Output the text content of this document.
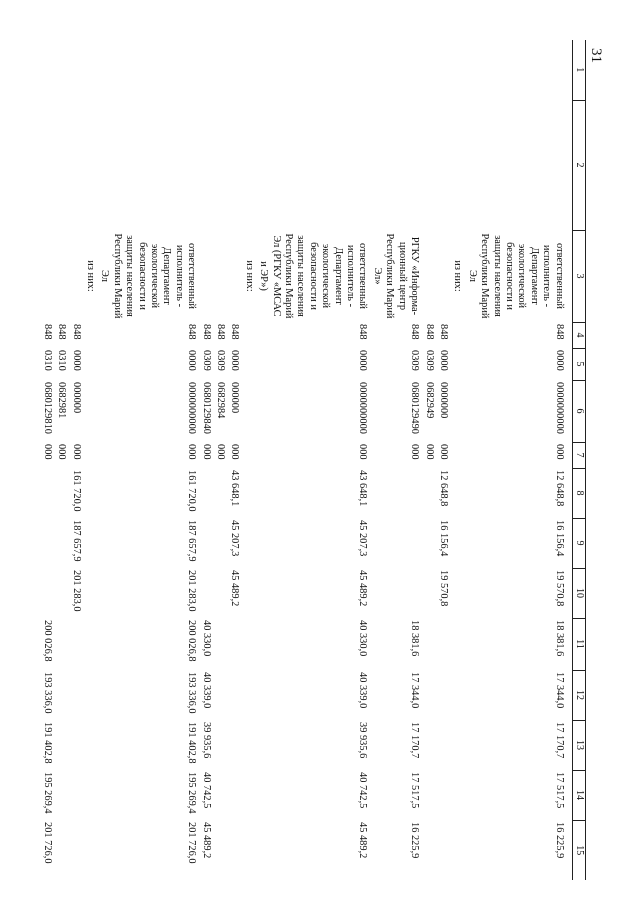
31
1	2	3	4	5	6	7	8	9	10	11	12	13	14	15

		ответственный исполнитель - Департамент экологической безопасности и защиты населения Республики Марий Эл	848	0000	0000000000	000	12 648,8	16 156,4	19 570,8	18 381,6	17 344,0	17 170,7	17 517,5	16 225,9
		из них:												
			848	0000	0000000	000	12 648,8	16 156,4	19 570,8					
			848	0309	0682949	000								
		РГКУ «Информа-ционный центр Республики Марий Эл»	848	0309	0680129490	000				18 381,6	17 344,0	17 170,7	17 517,5	16 225,9
		ответственный исполнитель - Департамент экологической безопасности и защиты населения Республики Марий Эл (РГКУ «МСАС и ЭР»)	848	0000	0000000000	000	43 648,1	45 207,3	45 489,2	40 330,0	40 339,0	39 935,6	40 742,5	45 489,2
		из них:												
			848	0000	000000	000	43 648,1	45 207,3	45 489,2					
			848	0309	0682984	000								
			848	0309	0680129840	000				40 330,0	40 339,0	39 935,6	40 742,5	45 489,2
		ответственный исполнитель - Департамент экологической безопасности и защиты населения Республики Марий Эл	848	0000	0000000000	000	161 720,0	187 657,9	201 283,0	200 026,8	193 336,0	191 402,8	195 269,4	201 726,0
		из них:												
			848	0000	000000	000	161 720,0	187 657,9	201 283,0					
			848	0310	0682981	000								
			848	0310	0680129810	000				200 026,8	193 336,0	191 402,8	195 269,4	201 726,0
